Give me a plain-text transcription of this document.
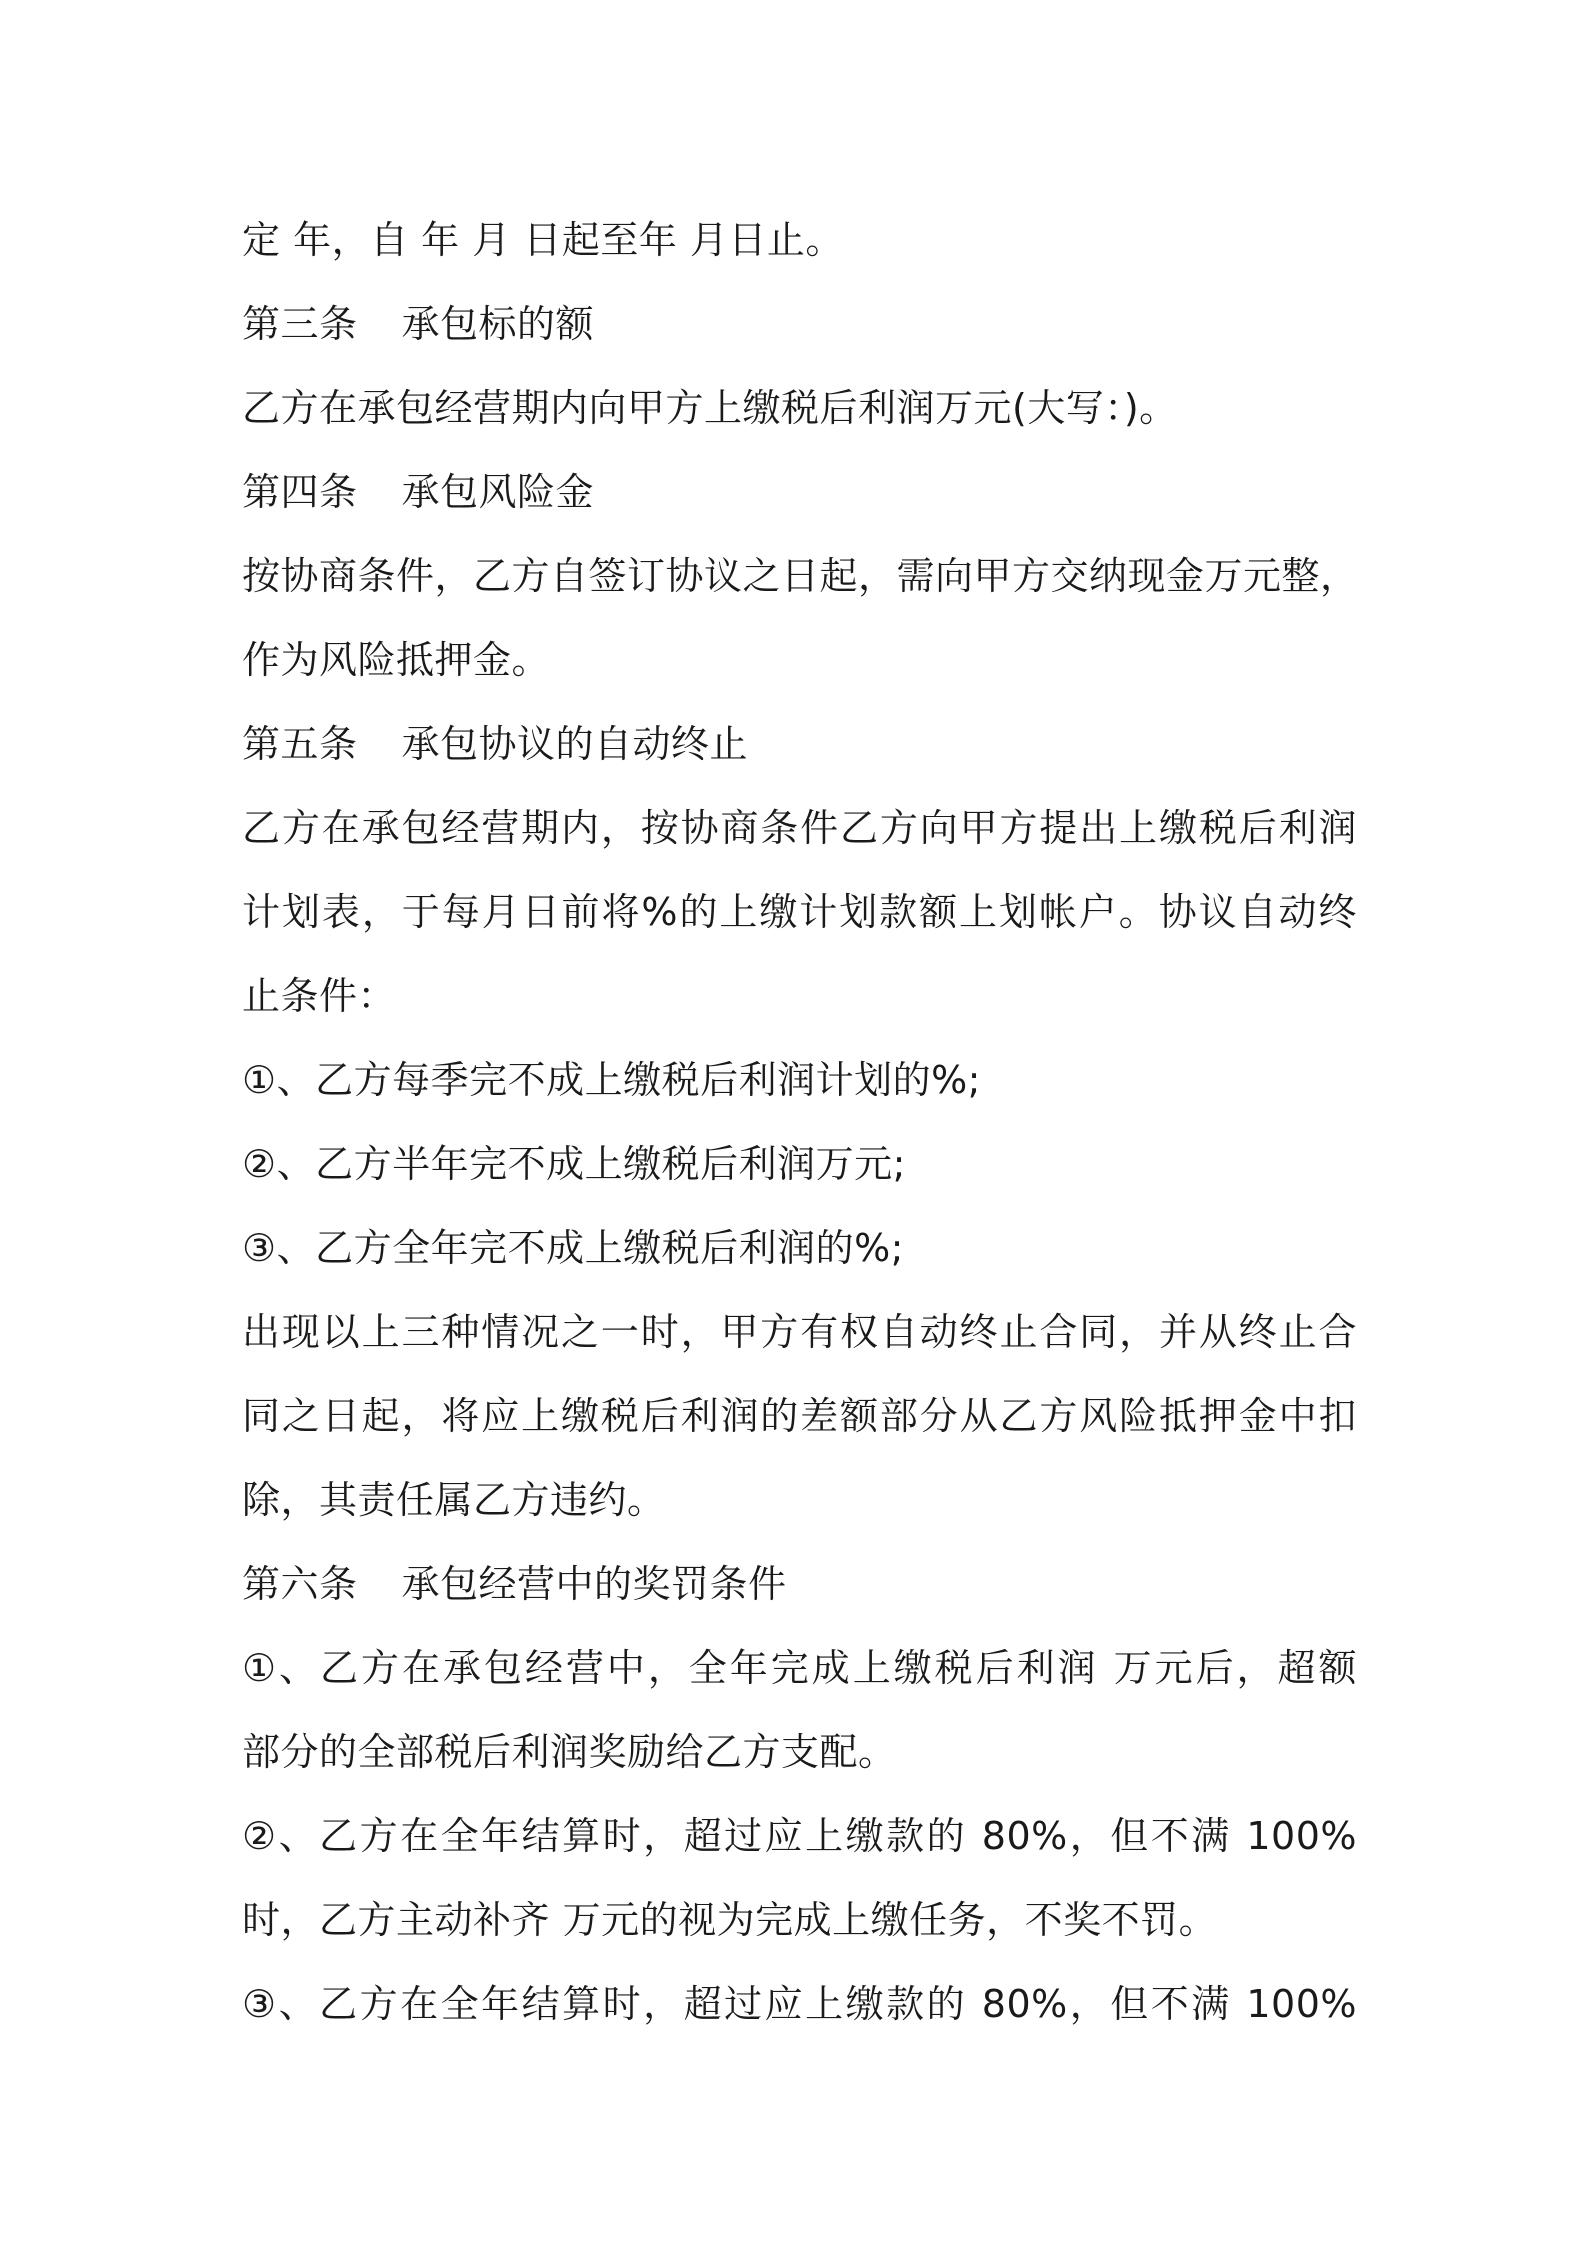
定 年，自 年 月 日起至年 月日止。
第三条 承包标的额
乙方在承包经营期内向甲方上缴税后利润万元(大写：)。
第四条 承包风险金
按协商条件，乙方自签订协议之日起，需向甲方交纳现金万元整，
作为风险抵押金。
第五条 承包协议的自动终止
乙方在承包经营期内，按协商条件乙方向甲方提出上缴税后利润
计划表，于每月日前将%的上缴计划款额上划帐户。协议自动终
止条件：
①、乙方每季完不成上缴税后利润计划的%;
②、乙方半年完不成上缴税后利润万元;
③、乙方全年完不成上缴税后利润的%;
出现以上三种情况之一时，甲方有权自动终止合同，并从终止合
同之日起，将应上缴税后利润的差额部分从乙方风险抵押金中扣
除，其责任属乙方违约。
第六条 承包经营中的奖罚条件
①、乙方在承包经营中，全年完成上缴税后利润 万元后，超额
部分的全部税后利润奖励给乙方支配。
②、乙方在全年结算时，超过应上缴款的 80%，但不满 100%
时，乙方主动补齐 万元的视为完成上缴任务，不奖不罚。
③、乙方在全年结算时，超过应上缴款的 80%，但不满 100%
